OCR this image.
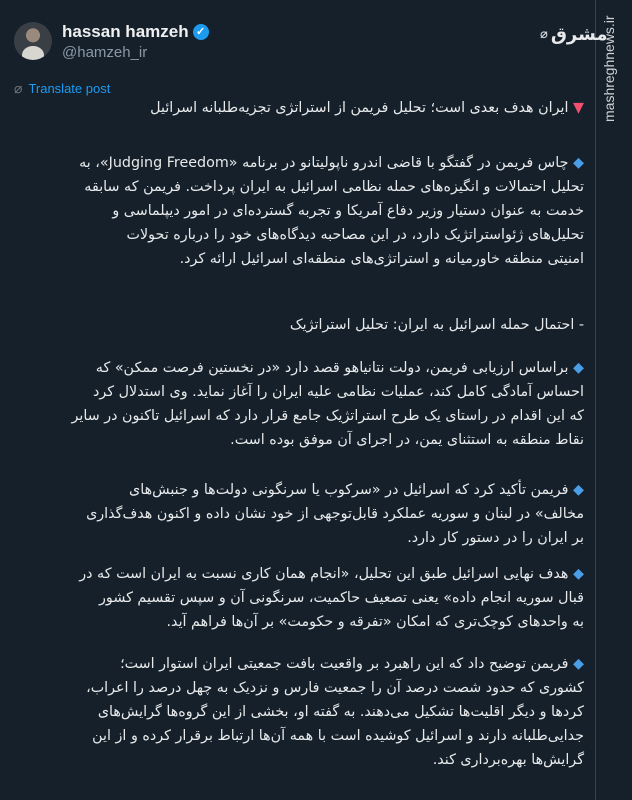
hassan hamzeh ✓
@hamzeh_ir
⌀ Translate post
▼ ایران هدف بعدی است؛ تحلیل فریمن از استراتژی تجزیه‌طلبانه اسرائیل
◆ چاس فریمن در گفتگو با قاضی اندرو ناپولیتانو در برنامه «Judging Freedom»، به
تحلیل احتمالات و انگیزه‌های حمله نظامی اسرائیل به ایران پرداخت. فریمن که سابقه
خدمت به عنوان دستیار وزیر دفاع آمریکا و تجربه گسترده‌ای در امور دیپلماسی و
تحلیل‌های ژئواستراتژیک دارد، در این مصاحبه دیدگاه‌های خود را درباره تحولات
امنیتی منطقه خاورمیانه و استراتژی‌های منطقه‌ای اسرائیل ارائه کرد.
- احتمال حمله اسرائیل به ایران: تحلیل استراتژیک
◆ براساس ارزیابی فریمن، دولت نتانیاهو قصد دارد «در نخستین فرصت ممکن» که
احساس آمادگی کامل کند، عملیات نظامی علیه ایران را آغاز نماید. وی استدلال کرد
که این اقدام در راستای یک طرح استراتژیک جامع قرار دارد که اسرائیل تاکنون در سایر
نقاط منطقه به استثنای یمن، در اجرای آن موفق بوده است.
◆ فریمن تأکید کرد که اسرائیل در «سرکوب یا سرنگونی دولت‌ها و جنبش‌های
مخالف» در لبنان و سوریه عملکرد قابل‌توجهی از خود نشان داده و اکنون هدف‌گذاری
بر ایران را در دستور کار دارد.
◆ هدف نهایی اسرائیل طبق این تحلیل، «انجام همان کاری نسبت به ایران است که در
قبال سوریه انجام داده» یعنی تصعیف حاکمیت، سرنگونی آن و سپس تقسیم کشور
به واحدهای کوچک‌تری که امکان «تفرقه و حکومت» بر آن‌ها فراهم آید.
◆ فریمن توضیح داد که این راهبرد بر واقعیت بافت جمعیتی ایران استوار است؛
کشوری که حدود شصت درصد آن را جمعیت فارس و نزدیک به چهل درصد را اعراب،
کردها و دیگر اقلیت‌ها تشکیل می‌دهند. به گفته او، بخشی از این گروه‌ها گرایش‌های
جدایی‌طلبانه دارند و اسرائیل کوشیده است با همه آن‌ها ارتباط برقرار کرده و از این
گرایش‌ها بهره‌برداری کند.
⌀ مشرق
mashreghnews.ir
